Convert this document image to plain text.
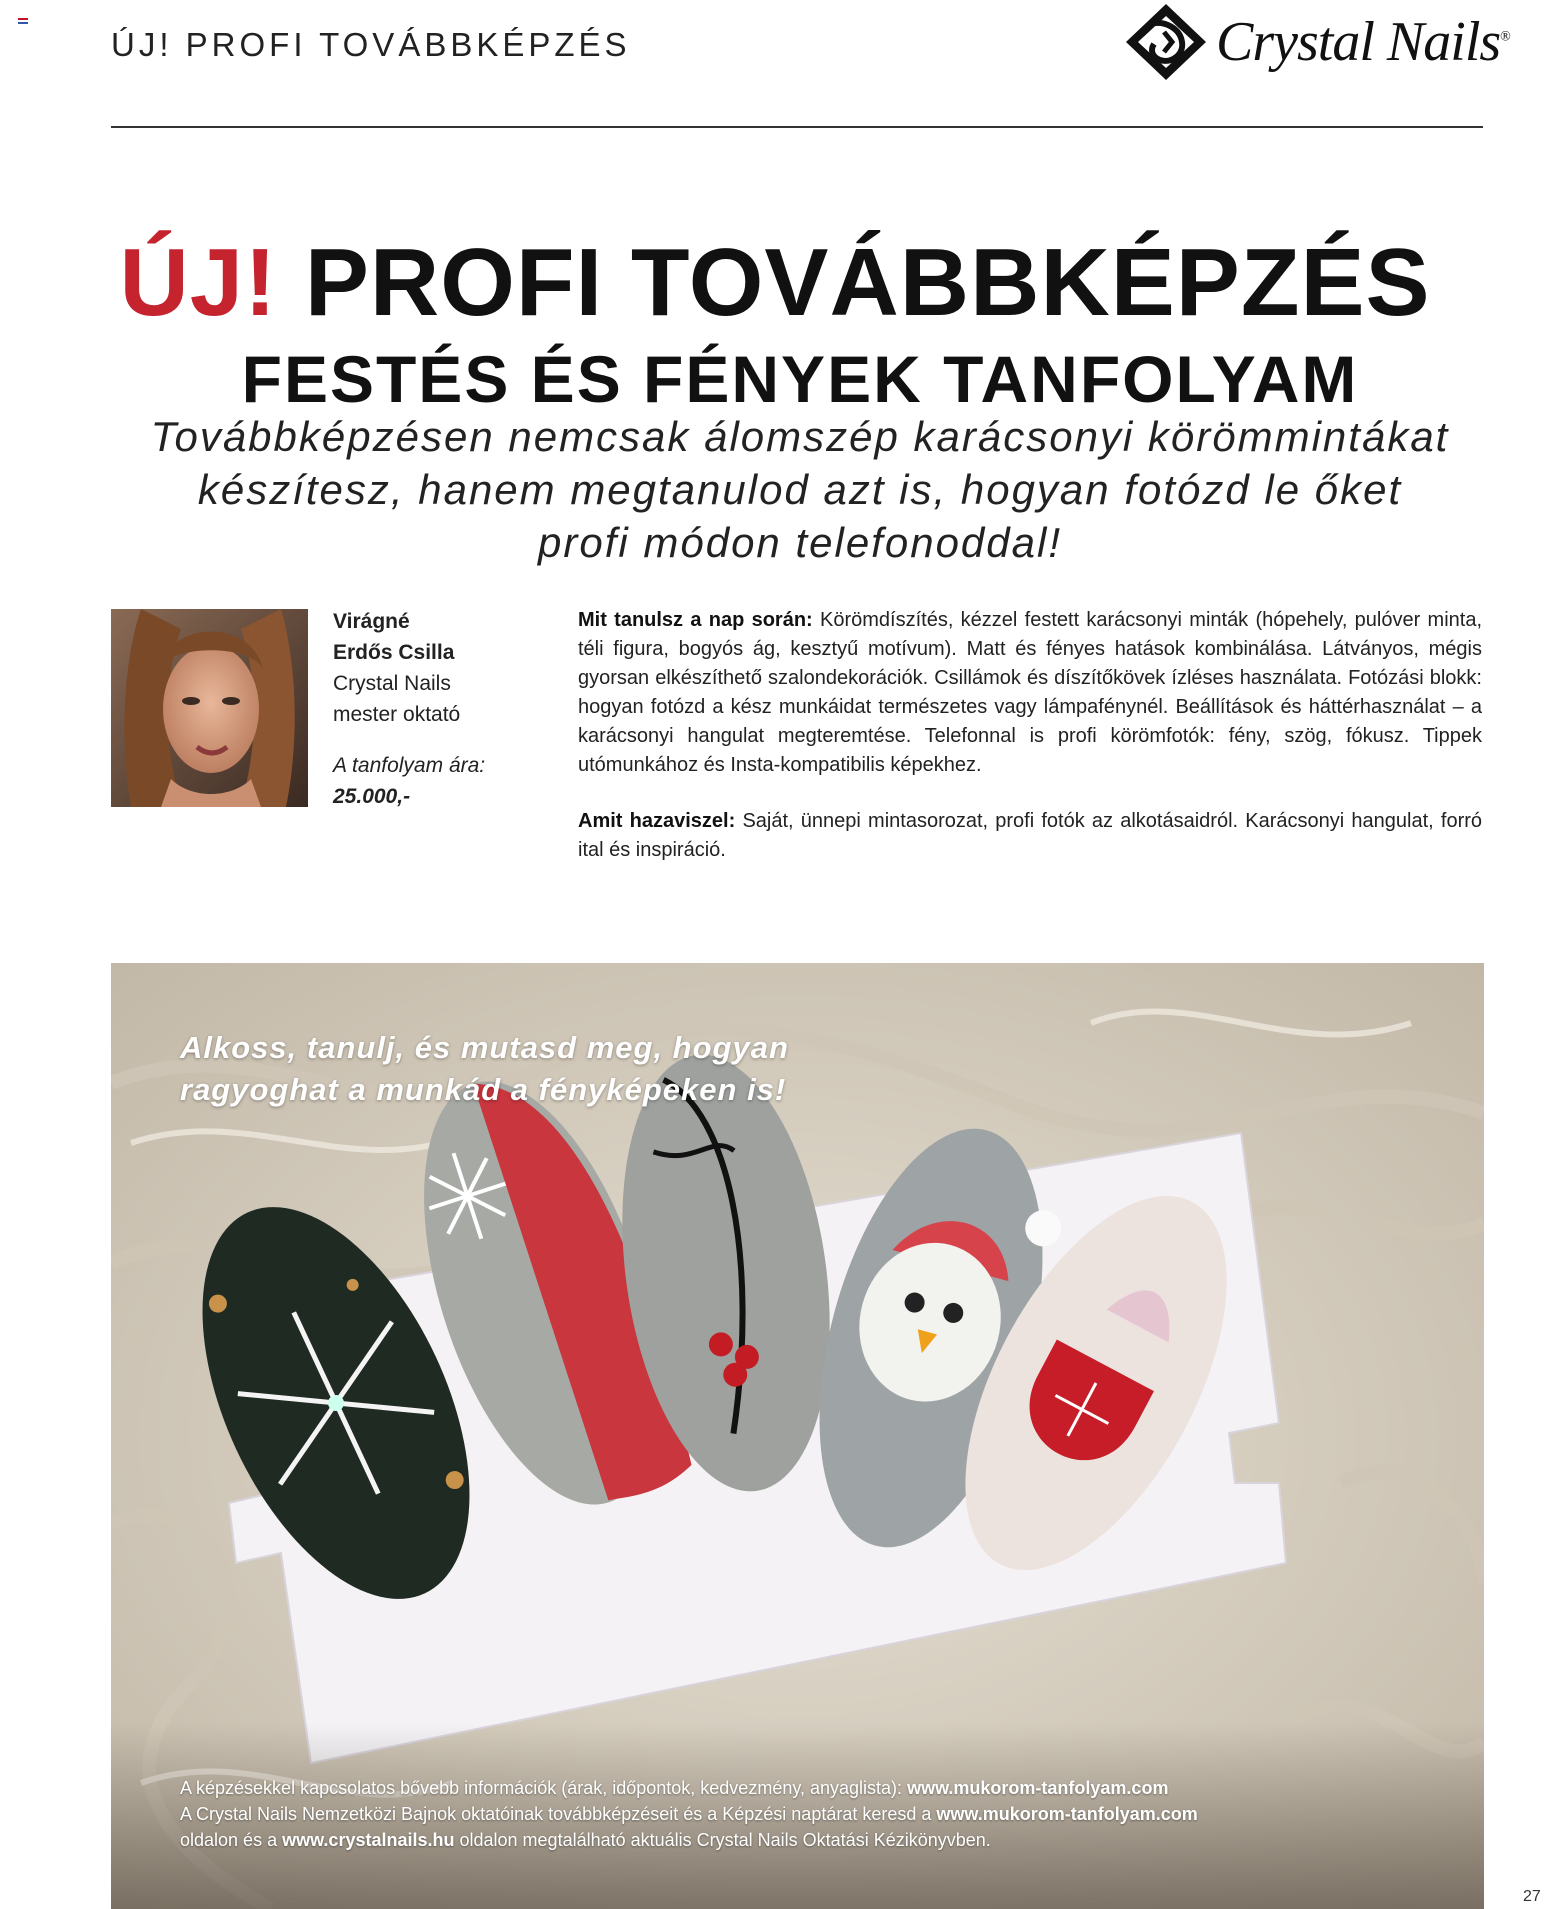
ÚJ! PROFI TOVÁBBKÉPZÉS	Crystal Nails®
ÚJ! PROFI TOVÁBBKÉPZÉS
FESTÉS ÉS FÉNYEK TANFOLYAM
Továbbképzésen nemcsak álomszép karácsonyi körömmintákat készítesz, hanem megtanulod azt is, hogyan fotózd le őket profi módon telefonoddal!
Virágné
Erdős Csilla
Crystal Nails
mester oktató
A tanfolyam ára:
25.000,-

Mit tanulsz a nap során: Körömdíszítés, kézzel festett karácsonyi minták (hópehely, pulóver minta, téli figura, bogyós ág, kesztyű motívum). Matt és fényes hatások kombinálása. Látványos, mégis gyorsan elkészíthető szalondekorációk. Csillámok és díszítőkövek ízléses használata. Fotózási blokk: hogyan fotózd a kész munkáidat természetes vagy lámpafénynél. Beállítások és háttérhasználat – a karácsonyi hangulat megteremtése. Telefonnal is profi körömfotók: fény, szög, fókusz. Tippek utómunkához és Insta-kompatibilis képekhez.

Amit hazaviszel: Saját, ünnepi mintasorozat, profi fotók az alkotásaidról. Karácsonyi hangulat, forró ital és inspiráció.

Alkoss, tanulj, és mutasd meg, hogyan
ragyoghat a munkád a fényképeken is!
A képzésekkel kapcsolatos bővebb információk (árak, időpontok, kedvezmény, anyaglista): www.mukorom-tanfolyam.com
A Crystal Nails Nemzetközi Bajnok oktatóinak továbbképzéseit és a Képzési naptárat keresd a www.mukorom-tanfolyam.com
oldalon és a www.crystalnails.hu oldalon megtalálható aktuális Crystal Nails Oktatási Kézikönyvben.
27
